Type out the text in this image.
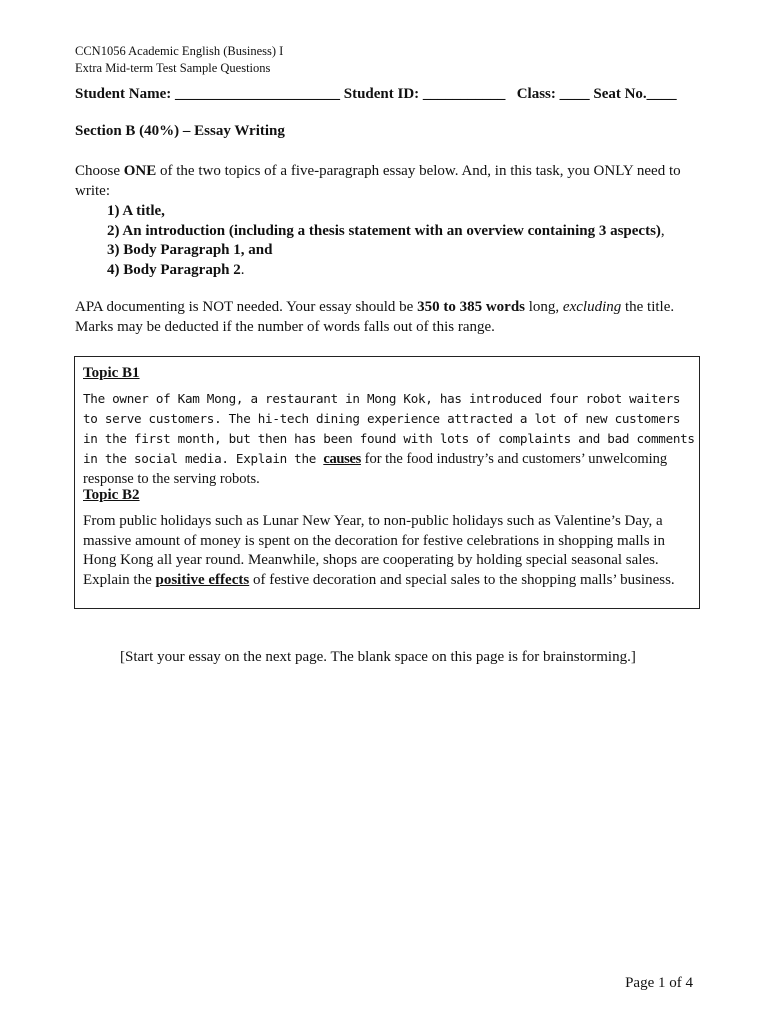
CCN1056 Academic English (Business) I
Extra Mid-term Test Sample Questions
Student Name: ______________________ Student ID: ___________ Class: ____ Seat No.____
Section B (40%) – Essay Writing
Choose ONE of the two topics of a five-paragraph essay below. And, in this task, you ONLY need to write:
1) A title,
2) An introduction (including a thesis statement with an overview containing 3 aspects),
3) Body Paragraph 1, and
4) Body Paragraph 2.
APA documenting is NOT needed. Your essay should be 350 to 385 words long, excluding the title. Marks may be deducted if the number of words falls out of this range.
Topic B1
The owner of Kam Mong, a restaurant in Mong Kok, has introduced four robot waiters to serve customers. The hi-tech dining experience attracted a lot of new customers in the first month, but then has been found with lots of complaints and bad comments in the social media. Explain the causes for the food industry’s and customers’ unwelcoming response to the serving robots.
Topic B2
From public holidays such as Lunar New Year, to non-public holidays such as Valentine’s Day, a massive amount of money is spent on the decoration for festive celebrations in shopping malls in Hong Kong all year round. Meanwhile, shops are cooperating by holding special seasonal sales. Explain the positive effects of festive decoration and special sales to the shopping malls’ business.
[Start your essay on the next page. The blank space on this page is for brainstorming.]
Page 1 of 4
